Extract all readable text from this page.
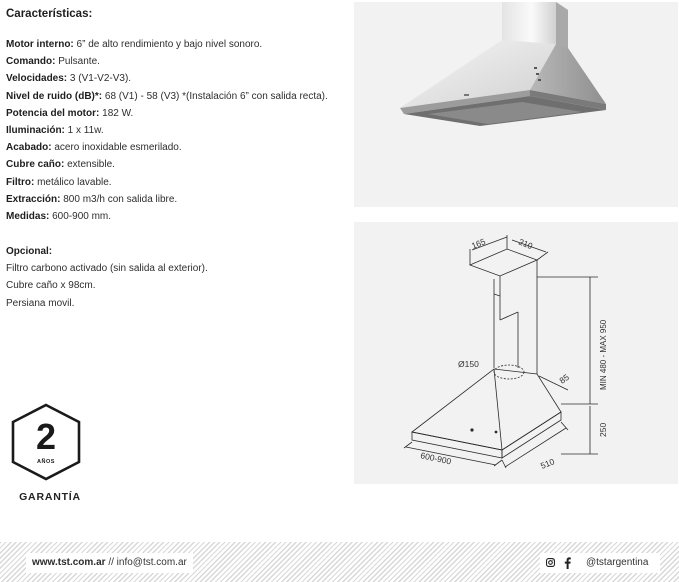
Características:
Motor interno: 6” de alto rendimiento y bajo nivel sonoro.
Comando: Pulsante.
Velocidades: 3 (V1-V2-V3).
Nivel de ruido (dB)*: 68 (V1) - 58 (V3) *(Instalación 6” con salida recta).
Potencia del motor: 182 W.
Iluminación: 1 x 11w.
Acabado: acero inoxidable esmerilado.
Cubre caño: extensible.
Filtro: metálico lavable.
Extracción: 800 m3/h con salida libre.
Medidas: 600-900 mm.
Opcional:
Filtro carbono activado (sin salida al exterior).
Cubre caño x 98cm.
Persiana movil.
165	210
MIN 480 - MAX 950
Ø150
85
250
600-900	510
2
AÑOS
GARANTÍA
www.tst.com.ar // info@tst.com.ar	@tstargentina
